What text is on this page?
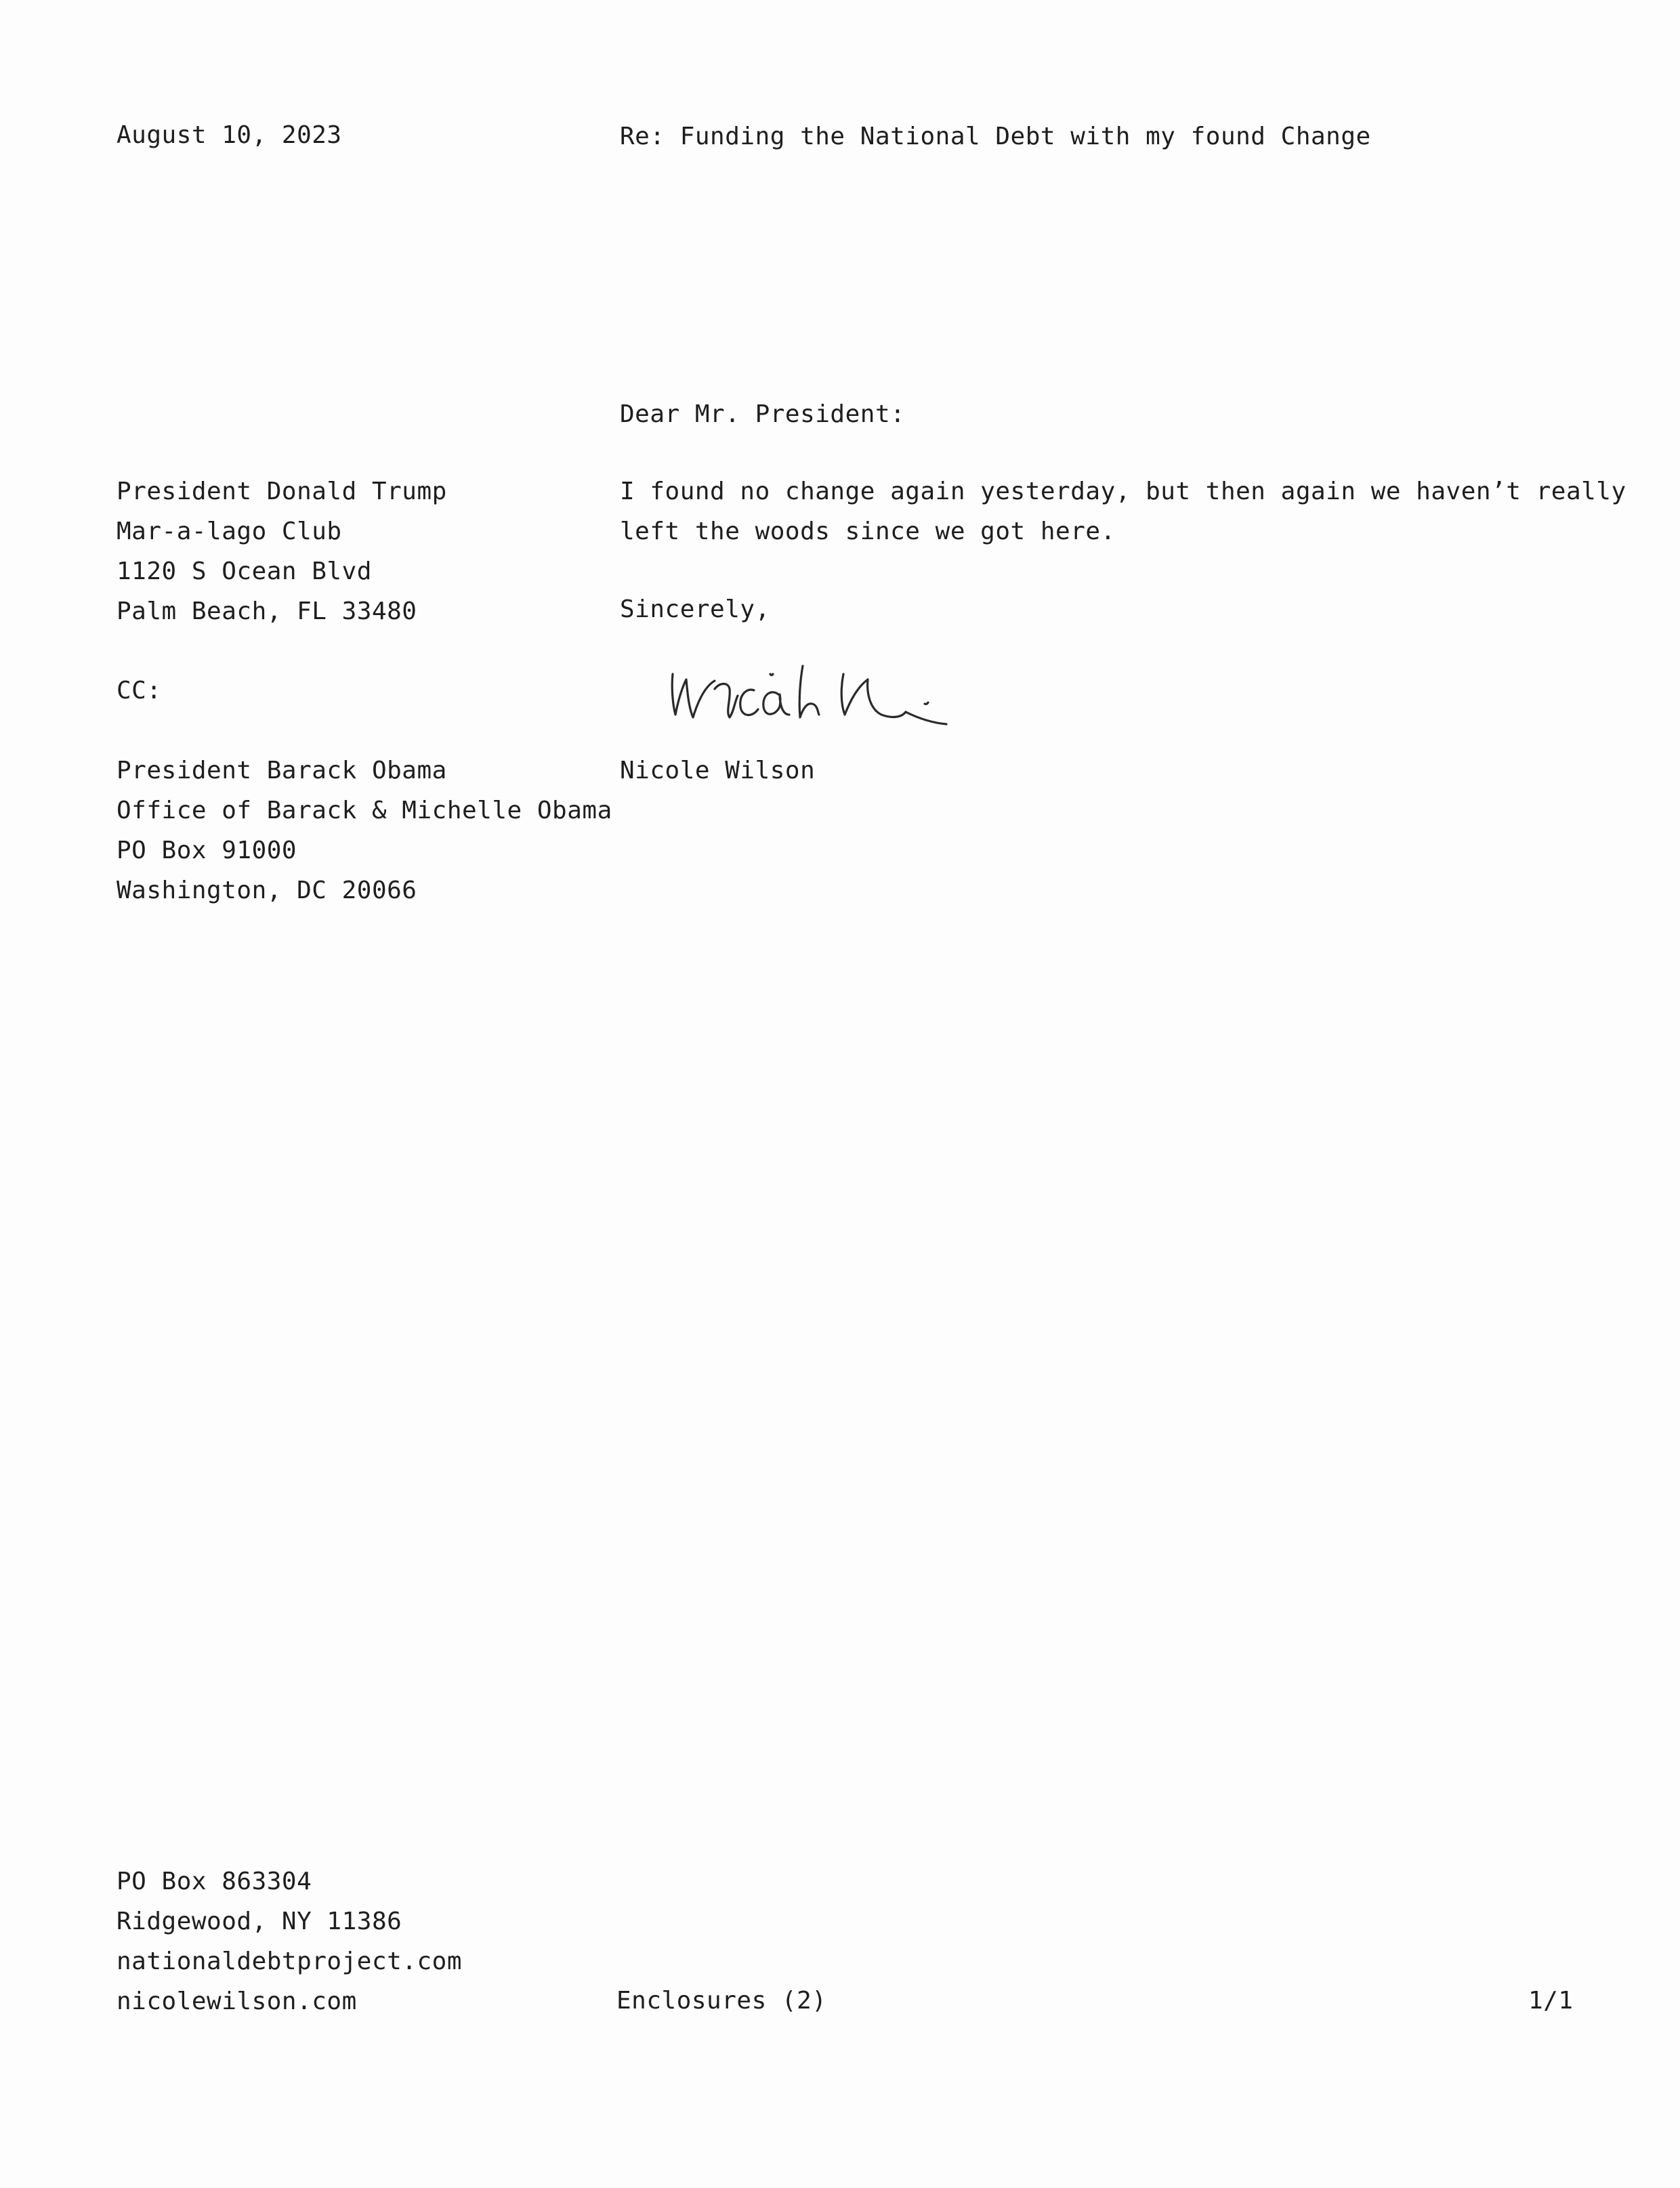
August 10, 2023	Re: Funding the National Debt with my found Change
Dear Mr. President:
President Donald Trump
Mar-a-lago Club
1120 S Ocean Blvd
Palm Beach, FL 33480
I found no change again yesterday, but then again we haven’t really
left the woods since we got here.
Sincerely,
CC:
Nicole Wilson
President Barack Obama
Office of Barack & Michelle Obama
PO Box 91000
Washington, DC 20066
PO Box 863304
Ridgewood, NY 11386
nationaldebtproject.com
nicolewilson.com	Enclosures (2)	1/1
